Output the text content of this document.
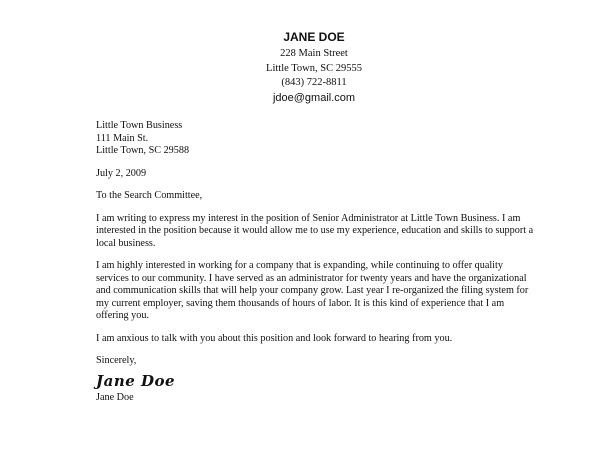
JANE DOE
228 Main Street
Little Town, SC 29555
(843) 722-8811
jdoe@gmail.com

Little Town Business

111 Main St.

Little Town, SC 29588

July 2, 2009

To the Search Committee,

I am writing to express my interest in the position of Senior Administrator at Little Town Business. I am interested in the position because it would allow me to use my experience, education and skills to support a local business.

I am highly interested in working for a company that is expanding, while continuing to offer quality services to our community. I have served as an administrator for twenty years and have the organizational and communication skills that will help your company grow. Last year I re-organized the filing system for my current employer, saving them thousands of hours of labor. It is this kind of experience that I am offering you.

I am anxious to talk with you about this position and look forward to hearing from you.

Sincerely,

Jane Doe

Jane Doe
